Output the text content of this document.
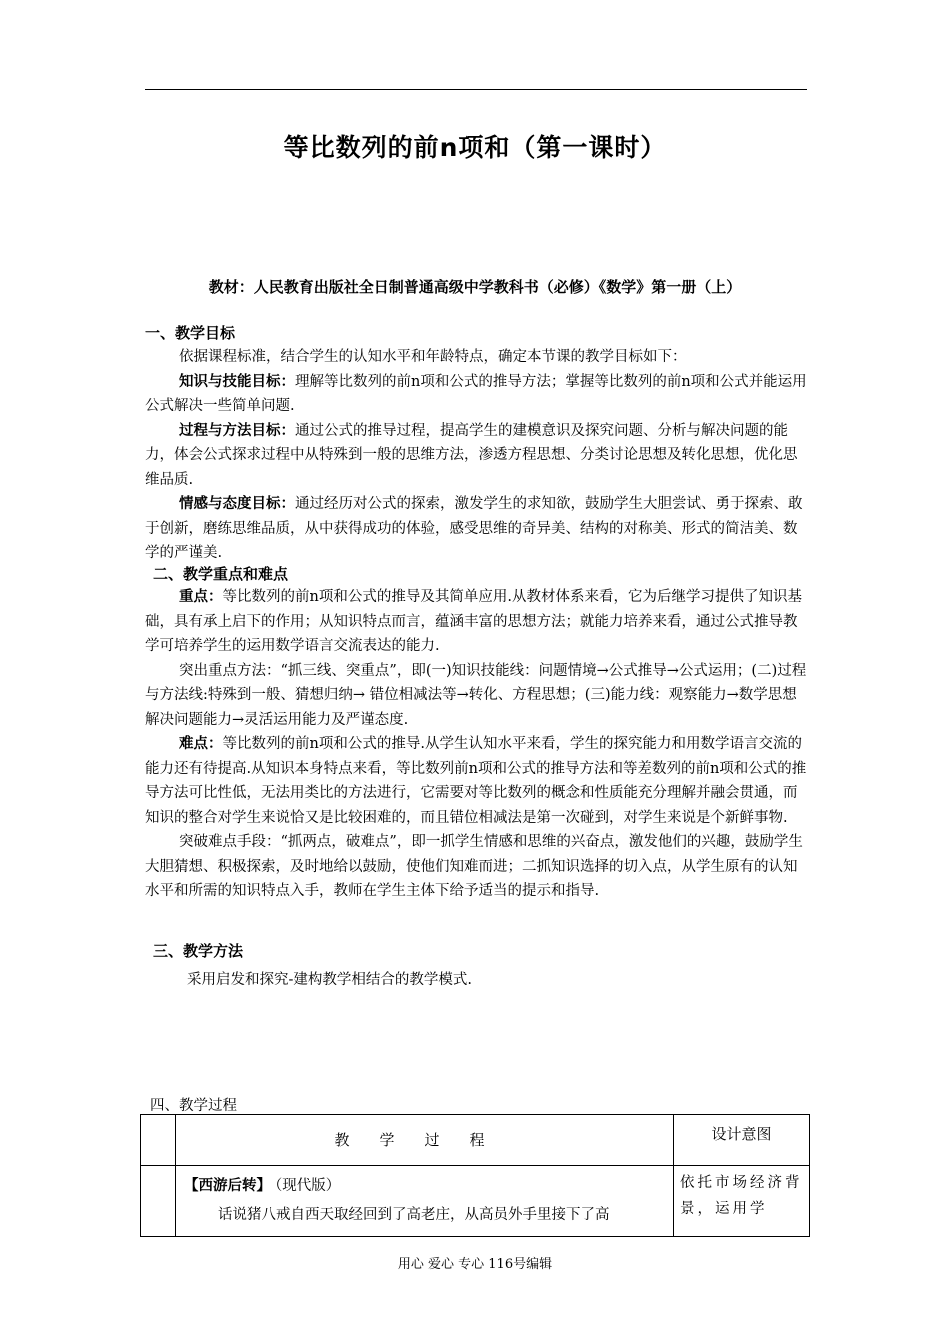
等比数列的前n项和（第一课时）
教材：人民教育出版社全日制普通高级中学教科书（必修）《数学》第一册（上）
一、教学目标
依据课程标准，结合学生的认知水平和年龄特点，确定本节课的教学目标如下：
知识与技能目标：理解等比数列的前n项和公式的推导方法；掌握等比数列的前n项和公式并能运用公式解决一些简单问题.
过程与方法目标：通过公式的推导过程，提高学生的建模意识及探究问题、分析与解决问题的能力，体会公式探求过程中从特殊到一般的思维方法，渗透方程思想、分类讨论思想及转化思想，优化思维品质.
情感与态度目标：通过经历对公式的探索，激发学生的求知欲，鼓励学生大胆尝试、勇于探索、敢于创新，磨练思维品质，从中获得成功的体验，感受思维的奇异美、结构的对称美、形式的简洁美、数学的严谨美.
二、教学重点和难点
重点：等比数列的前n项和公式的推导及其简单应用.从教材体系来看，它为后继学习提供了知识基础，具有承上启下的作用；从知识特点而言，蕴涵丰富的思想方法；就能力培养来看，通过公式推导教学可培养学生的运用数学语言交流表达的能力.
突出重点方法：“抓三线、突重点”，即(一)知识技能线：问题情境→公式推导→公式运用；(二)过程与方法线:特殊到一般、猜想归纳→ 错位相减法等→转化、方程思想；(三)能力线：观察能力→数学思想解决问题能力→灵活运用能力及严谨态度.
难点：等比数列的前n项和公式的推导.从学生认知水平来看，学生的探究能力和用数学语言交流的能力还有待提高.从知识本身特点来看，等比数列前n项和公式的推导方法和等差数列的前n项和公式的推导方法可比性低，无法用类比的方法进行，它需要对等比数列的概念和性质能充分理解并融会贯通，而知识的整合对学生来说恰又是比较困难的，而且错位相减法是第一次碰到，对学生来说是个新鲜事物.
突破难点手段：“抓两点，破难点”，即一抓学生情感和思维的兴奋点，激发他们的兴趣，鼓励学生大胆猜想、积极探索，及时地给以鼓励，使他们知难而进；二抓知识选择的切入点，从学生原有的认知水平和所需的知识特点入手，教师在学生主体下给予适当的提示和指导.
三、教学方法
采用启发和探究-建构教学相结合的教学模式.
四、教学过程
	教学过程	设计意图

	【西游后转】 （现代版）
话说猪八戒自西天取经回到了高老庄，从高员外手里接下了高	依托市场经济背景，运用学
用心 爱心 专心 116号编辑
